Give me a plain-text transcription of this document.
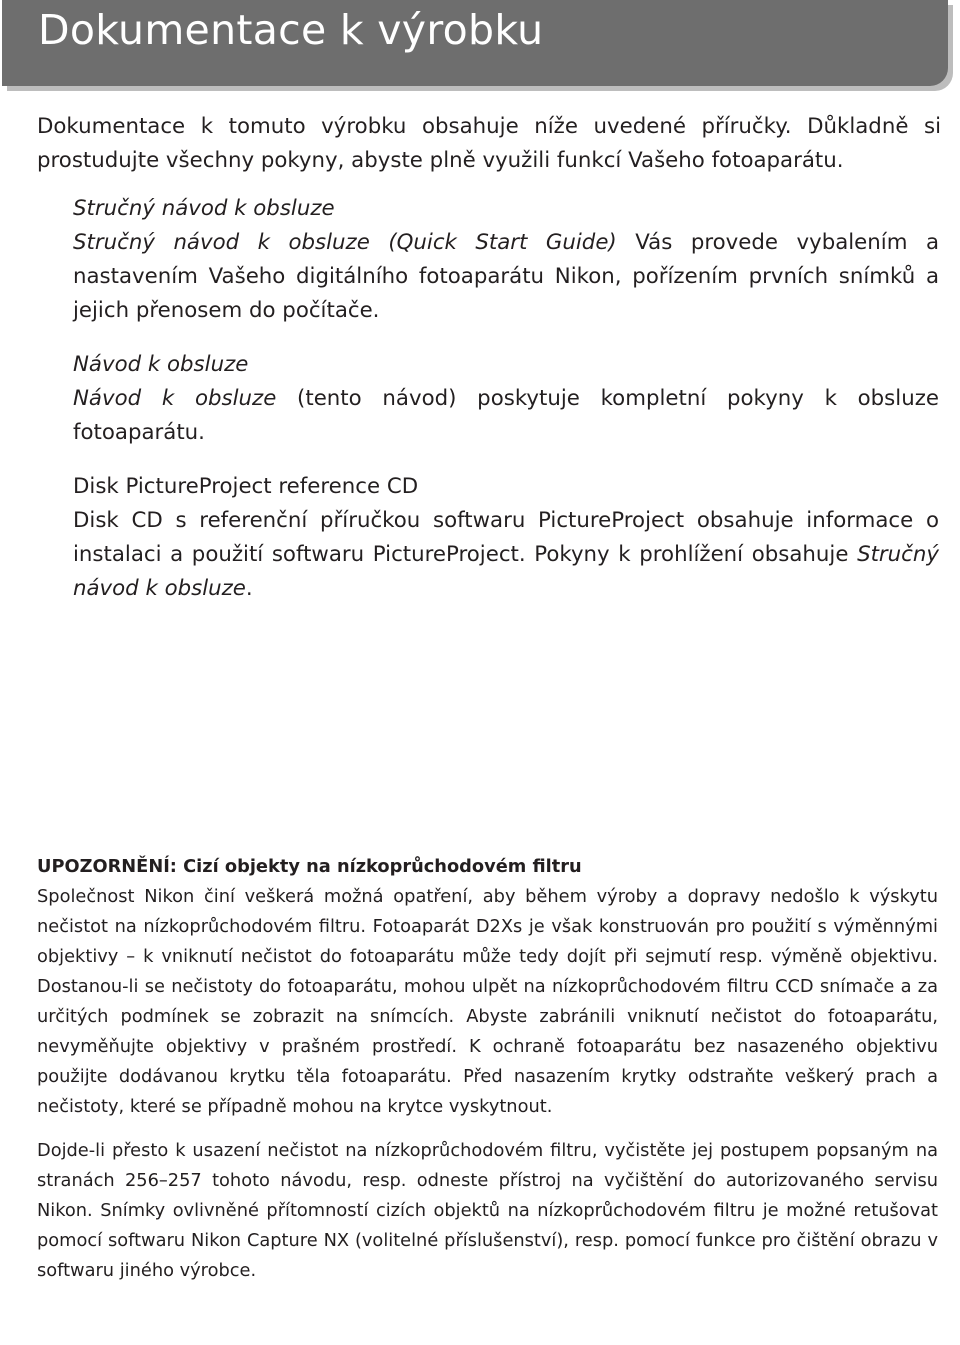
Dokumentace k výrobku

Dokumentace k tomuto výrobku obsahuje níže uvedené příručky. Důkladně si prostudujte všechny pokyny, abyste plně využili funkcí Vašeho fotoaparátu.

Stručný návod k obsluze
Stručný návod k obsluze (Quick Start Guide) Vás provede vybalením a nastavením Vašeho digitálního fotoaparátu Nikon, pořízením prvních snímků a jejich přenosem do počítače.
Návod k obsluze
Návod k obsluze (tento návod) poskytuje kompletní pokyny k obsluze fotoaparátu.
Disk PictureProject reference CD
Disk CD s referenční příručkou softwaru PictureProject obsahuje informace o instalaci a použití softwaru PictureProject. Pokyny k prohlížení obsahuje Stručný návod k obsluze.
UPOZORNĚNÍ: Cizí objekty na nízkoprůchodovém filtru

Společnost Nikon činí veškerá možná opatření, aby během výroby a dopravy nedošlo k výskytu nečistot na nízkoprůchodovém filtru. Fotoaparát D2Xs je však konstruován pro použití s výměnnými objektivy – k vniknutí nečistot do fotoaparátu může tedy dojít při sejmutí resp. výměně objektivu. Dostanou-li se nečistoty do fotoaparátu, mohou ulpět na nízkoprůchodovém filtru CCD snímače a za určitých podmínek se zobrazit na snímcích. Abyste zabránili vniknutí nečistot do fotoaparátu, nevyměňujte objektivy v prašném prostředí. K ochraně fotoaparátu bez nasazeného objektivu použijte dodávanou krytku těla fotoaparátu. Před nasazením krytky odstraňte veškerý prach a nečistoty, které se případně mohou na krytce vyskytnout.

Dojde-li přesto k usazení nečistot na nízkoprůchodovém filtru, vyčistěte jej postupem popsaným na stranách 256–257 tohoto návodu, resp. odneste přístroj na vyčištění do autorizovaného servisu Nikon. Snímky ovlivněné přítomností cizích objektů na nízkoprůchodovém filtru je možné retušovat pomocí softwaru Nikon Capture NX (volitelné příslušenství), resp. pomocí funkce pro čištění obrazu v softwaru jiného výrobce.
